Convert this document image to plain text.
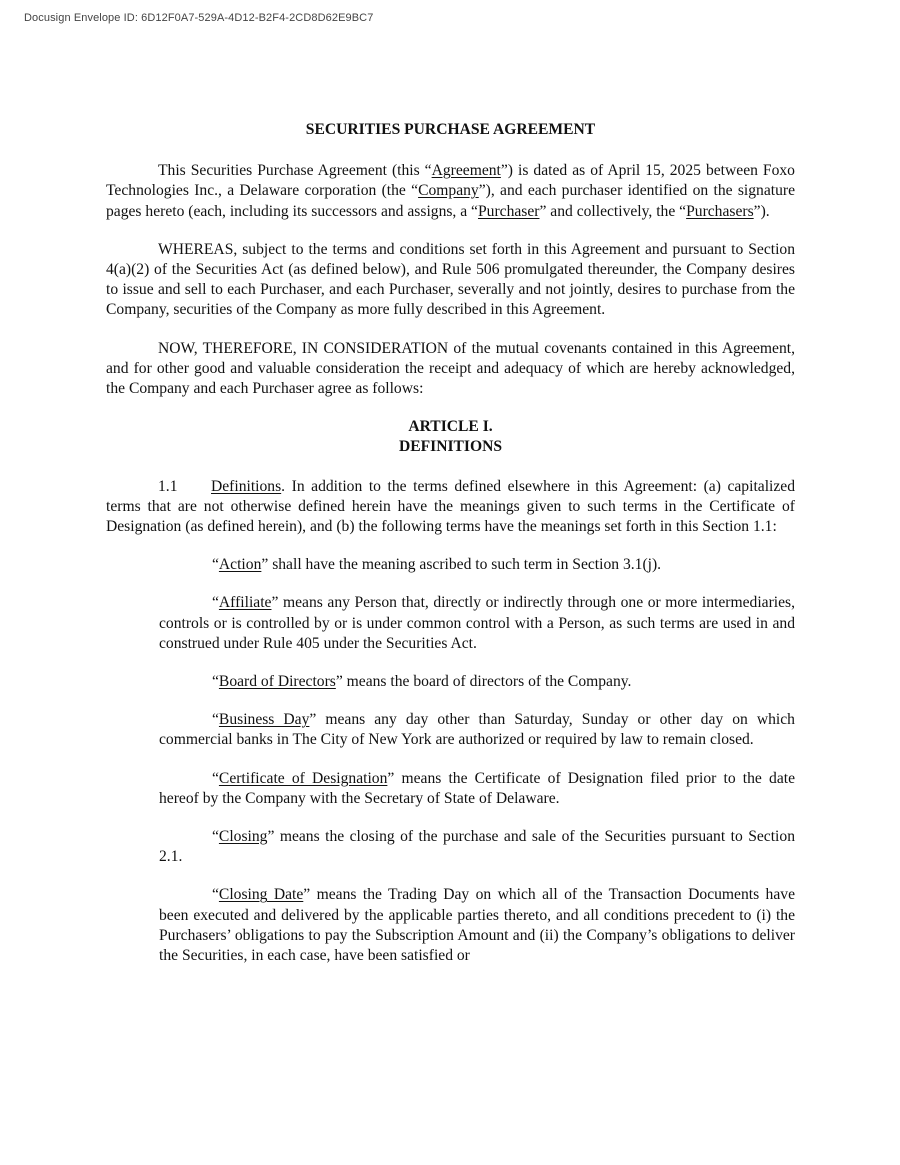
Docusign Envelope ID: 6D12F0A7-529A-4D12-B2F4-2CD8D62E9BC7

SECURITIES PURCHASE AGREEMENT

This Securities Purchase Agreement (this “Agreement”) is dated as of April 15, 2025 between Foxo Technologies Inc., a Delaware corporation (the “Company”), and each purchaser identified on the signature pages hereto (each, including its successors and assigns, a “Purchaser” and collectively, the “Purchasers”).

WHEREAS, subject to the terms and conditions set forth in this Agreement and pursuant to Section 4(a)(2) of the Securities Act (as defined below), and Rule 506 promulgated thereunder, the Company desires to issue and sell to each Purchaser, and each Purchaser, severally and not jointly, desires to purchase from the Company, securities of the Company as more fully described in this Agreement.

NOW, THEREFORE, IN CONSIDERATION of the mutual covenants contained in this Agreement, and for other good and valuable consideration the receipt and adequacy of which are hereby acknowledged, the Company and each Purchaser agree as follows:

ARTICLE I.
DEFINITIONS

1.1 Definitions. In addition to the terms defined elsewhere in this Agreement: (a) capitalized terms that are not otherwise defined herein have the meanings given to such terms in the Certificate of Designation (as defined herein), and (b) the following terms have the meanings set forth in this Section 1.1:

“Action” shall have the meaning ascribed to such term in Section 3.1(j).

“Affiliate” means any Person that, directly or indirectly through one or more intermediaries, controls or is controlled by or is under common control with a Person, as such terms are used in and construed under Rule 405 under the Securities Act.

“Board of Directors” means the board of directors of the Company.

“Business Day” means any day other than Saturday, Sunday or other day on which commercial banks in The City of New York are authorized or required by law to remain closed.

“Certificate of Designation” means the Certificate of Designation filed prior to the date hereof by the Company with the Secretary of State of Delaware.

“Closing” means the closing of the purchase and sale of the Securities pursuant to Section 2.1.

“Closing Date” means the Trading Day on which all of the Transaction Documents have been executed and delivered by the applicable parties thereto, and all conditions precedent to (i) the Purchasers’ obligations to pay the Subscription Amount and (ii) the Company’s obligations to deliver the Securities, in each case, have been satisfied or
